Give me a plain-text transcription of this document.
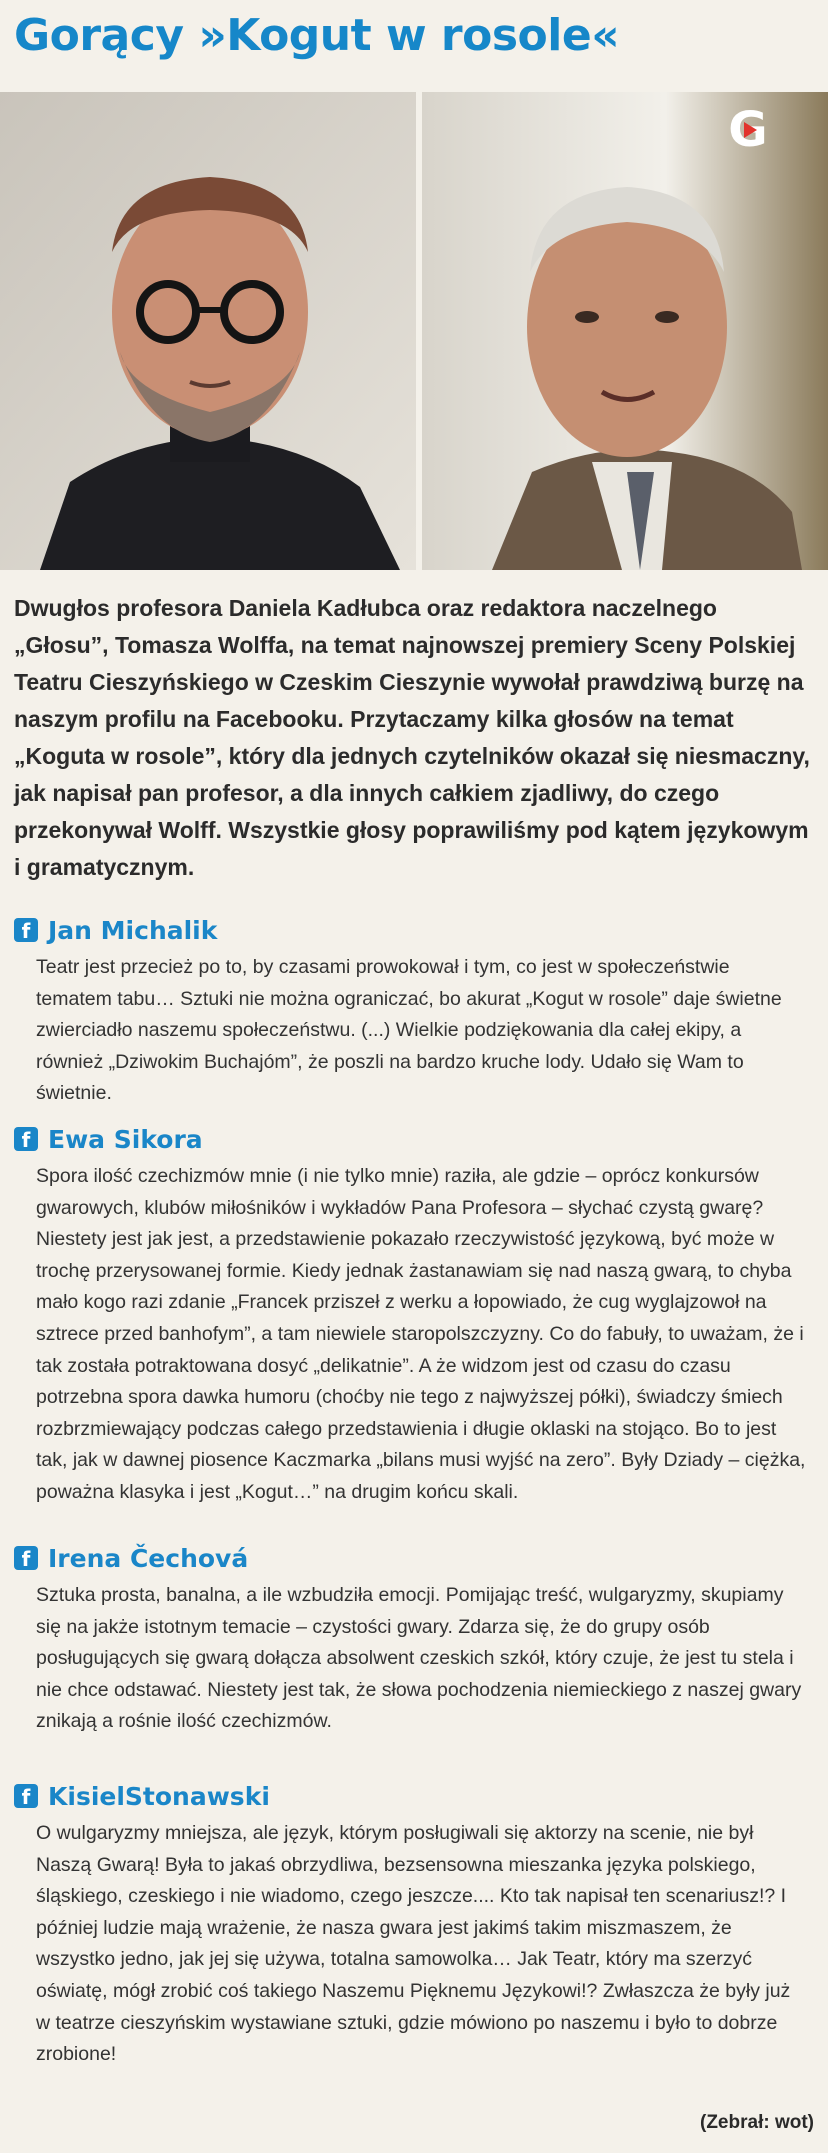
Gorący »Kogut w rosole«
G

Dwugłos profesora Daniela Kadłubca oraz redaktora naczelnego „Głosu”, Tomasza Wolffa, na temat najnowszej premiery Sceny Polskiej Teatru Cieszyńskiego w Czeskim Cieszynie wywołał prawdziwą burzę na naszym profilu na Facebooku. Przytaczamy kilka głosów na temat „Koguta w rosole”, który dla jednych czytelników okazał się niesmaczny, jak napisał pan profesor, a dla innych całkiem zjadliwy, do czego przekonywał Wolff. Wszystkie głosy poprawiliśmy pod kątem językowym i gramatycznym.

f Jan Michalik
Teatr jest przecież po to, by czasami prowokował i tym, co jest w społeczeństwie tematem tabu… Sztuki nie można ograniczać, bo akurat „Kogut w rosole” daje świetne zwierciadło naszemu społeczeństwu. (...) Wielkie podziękowania dla całej ekipy, a również „Dziwokim Buchajóm”, że poszli na bardzo kruche lody. Udało się Wam to świetnie.
f Ewa Sikora
Spora ilość czechizmów mnie (i nie tylko mnie) raziła, ale gdzie – oprócz konkursów gwarowych, klubów miłośników i wykładów Pana Profesora – słychać czystą gwarę? Niestety jest jak jest, a przedstawienie pokazało rzeczywistość językową, być może w trochę przerysowanej formie. Kiedy jednak żastanawiam się nad naszą gwarą, to chyba mało kogo razi zdanie „Francek prziszeł z werku a łopowiado, że cug wyglajzowoł na sztrece przed banhofym”, a tam niewiele staropolszczyzny. Co do fabuły, to uważam, że i tak została potraktowana dosyć „delikatnie”. A że widzom jest od czasu do czasu potrzebna spora dawka humoru (choćby nie tego z najwyższej półki), świadczy śmiech rozbrzmiewający podczas całego przedstawienia i długie oklaski na stojąco. Bo to jest tak, jak w dawnej piosence Kaczmarka „bilans musi wyjść na zero”. Były Dziady – ciężka, poważna klasyka i jest „Kogut…” na drugim końcu skali.
f Irena Čechová
Sztuka prosta, banalna, a ile wzbudziła emocji. Pomijając treść, wulgaryzmy, skupiamy się na jakże istotnym temacie – czystości gwary. Zdarza się, że do grupy osób posługujących się gwarą dołącza absolwent czeskich szkół, który czuje, że jest tu stela i nie chce odstawać. Niestety jest tak, że słowa pochodzenia niemieckiego z naszej gwary znikają a rośnie ilość czechizmów.
f KisielStonawski
O wulgaryzmy mniejsza, ale język, którym posługiwali się aktorzy na scenie, nie był Naszą Gwarą! Była to jakaś obrzydliwa, bezsensowna mieszanka języka polskiego, śląskiego, czeskiego i nie wiadomo, czego jeszcze.... Kto tak napisał ten scenariusz!? I później ludzie mają wrażenie, że nasza gwara jest jakimś takim miszmaszem, że wszystko jedno, jak jej się używa, totalna samowolka… Jak Teatr, który ma szerzyć oświatę, mógł zrobić coś takiego Naszemu Pięknemu Językowi!? Zwłaszcza że były już w teatrze cieszyńskim wystawiane sztuki, gdzie mówiono po naszemu i było to dobrze zrobione!
(Zebrał: wot)
